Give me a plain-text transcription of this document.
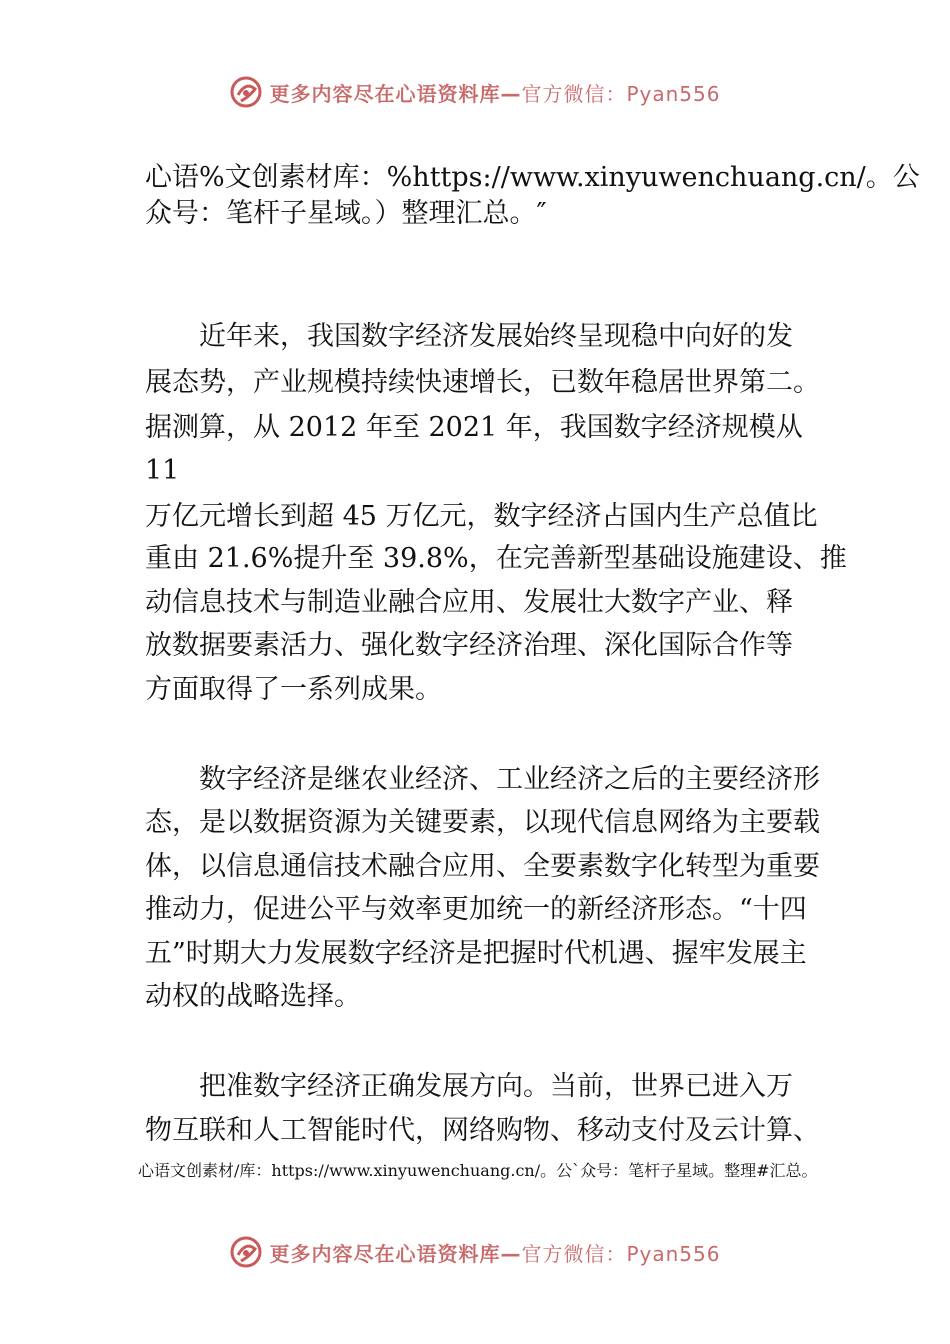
更多内容尽在心语资料库—官方微信：Pyan556
心语%文创素材库：%https://www.xinyuwenchuang.cn/。公
众号：笔杆子星域。）整理汇总。″
　　近年来，我国数字经济发展始终呈现稳中向好的发
展态势，产业规模持续快速增长，已数年稳居世界第二。
据测算，从 2012 年至 2021 年，我国数字经济规模从
11
万亿元增长到超 45 万亿元，数字经济占国内生产总值比
重由 21.6%提升至 39.8%，在完善新型基础设施建设、推
动信息技术与制造业融合应用、发展壮大数字产业、释
放数据要素活力、强化数字经济治理、深化国际合作等
方面取得了一系列成果。
　　数字经济是继农业经济、工业经济之后的主要经济形
态，是以数据资源为关键要素，以现代信息网络为主要载
体，以信息通信技术融合应用、全要素数字化转型为重要
推动力，促进公平与效率更加统一的新经济形态。“十四
五”时期大力发展数字经济是把握时代机遇、握牢发展主
动权的战略选择。
　　把准数字经济正确发展方向。当前，世界已进入万
物互联和人工智能时代，网络购物、移动支付及云计算、
心语文创素材/库：https://www.xinyuwenchuang.cn/。公`众号：笔杆子星域。整理#汇总。
更多内容尽在心语资料库—官方微信：Pyan556
